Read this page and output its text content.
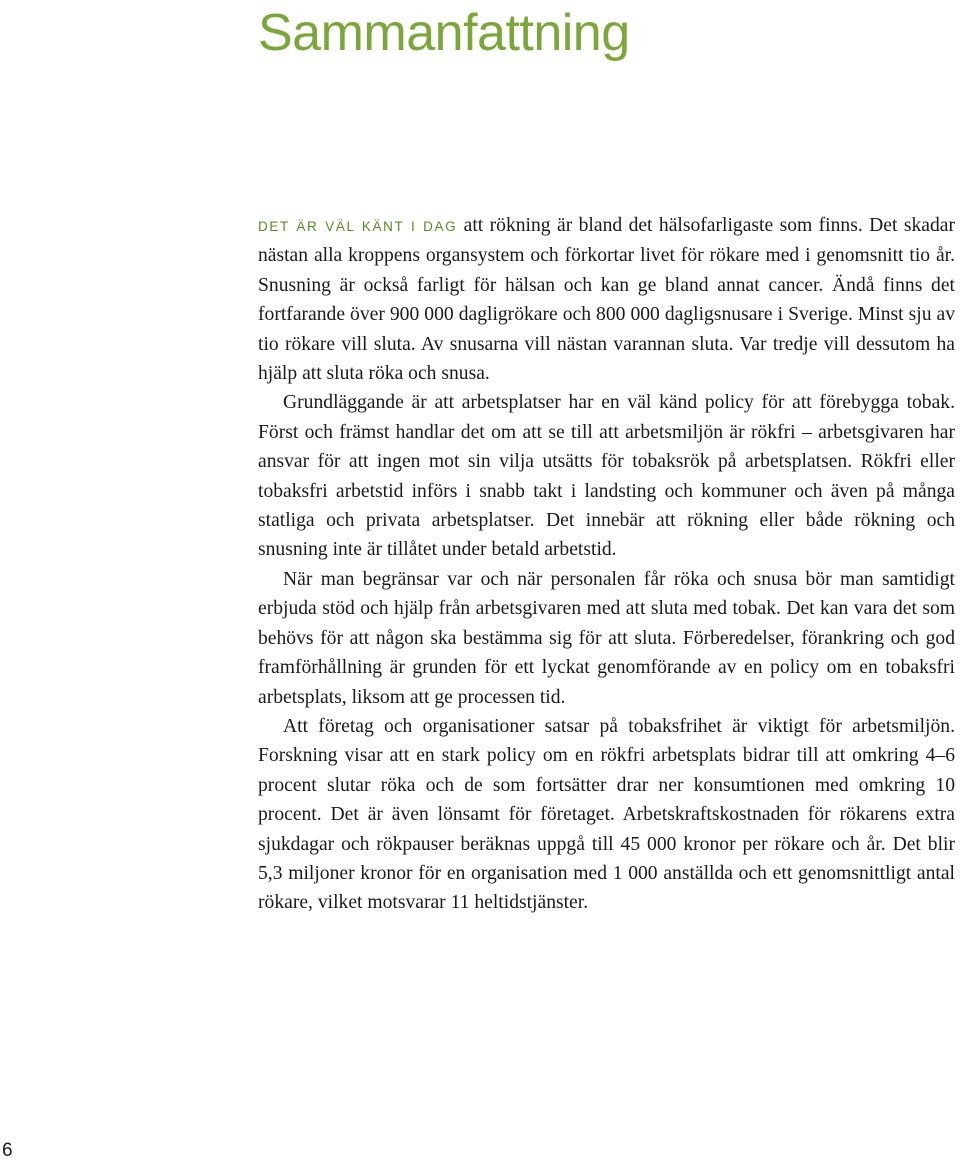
Sammanfattning

DET ÄR VÄL KÄNT I DAG att rökning är bland det hälsofarligaste som finns. Det skadar nästan alla kroppens organsystem och förkortar livet för rökare med i genomsnitt tio år. Snusning är också farligt för hälsan och kan ge bland annat cancer. Ändå finns det fortfarande över 900 000 dagligrökare och 800 000 dagligsnusare i Sverige. Minst sju av tio rökare vill sluta. Av snusarna vill nästan varannan sluta. Var tredje vill dessutom ha hjälp att sluta röka och snusa.

Grundläggande är att arbetsplatser har en väl känd policy för att förebygga tobak. Först och främst handlar det om att se till att arbetsmiljön är rökfri – arbetsgivaren har ansvar för att ingen mot sin vilja utsätts för tobaksrök på arbetsplatsen. Rökfri eller tobaksfri arbetstid införs i snabb takt i landsting och kommuner och även på många statliga och privata arbetsplatser. Det innebär att rökning eller både rökning och snusning inte är tillåtet under betald arbetstid.

När man begränsar var och när personalen får röka och snusa bör man samtidigt erbjuda stöd och hjälp från arbetsgivaren med att sluta med tobak. Det kan vara det som behövs för att någon ska bestämma sig för att sluta. Förberedelser, förankring och god framförhållning är grunden för ett lyckat genomförande av en policy om en tobaksfri arbetsplats, liksom att ge processen tid.

Att företag och organisationer satsar på tobaksfrihet är viktigt för arbetsmiljön. Forskning visar att en stark policy om en rökfri arbetsplats bidrar till att omkring 4–6 procent slutar röka och de som fortsätter drar ner konsumtionen med omkring 10 procent. Det är även lönsamt för företaget. Arbetskraftskostnaden för rökarens extra sjukdagar och rökpauser beräknas uppgå till 45 000 kronor per rökare och år. Det blir 5,3 miljoner kronor för en organisation med 1 000 anställda och ett genomsnittligt antal rökare, vilket motsvarar 11 heltidstjänster.

6
